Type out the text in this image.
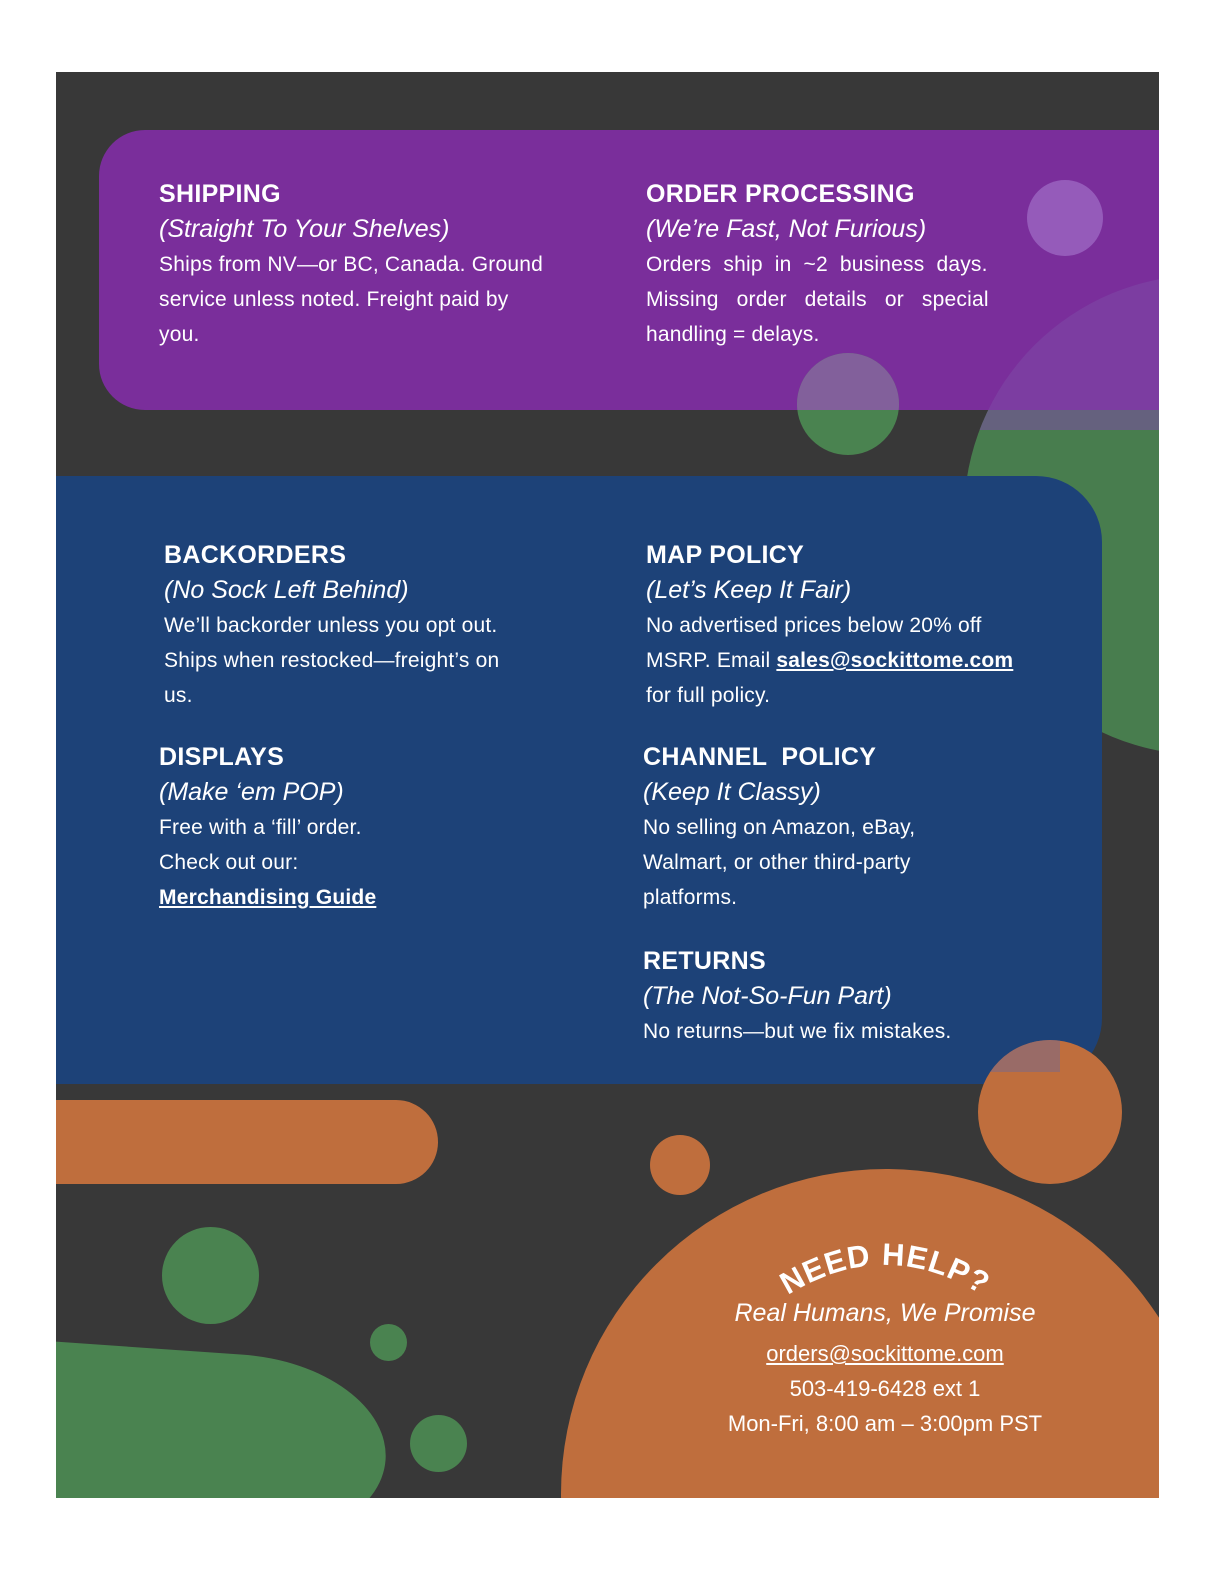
SHIPPING

(Straight To Your Shelves)

Ships from NV—or BC, Canada. Ground

service unless noted. Freight paid by

you.

ORDER PROCESSING

(We’re Fast, Not Furious)

Orders ship in ~2 business days.

Missing order details or special

handling = delays.

BACKORDERS

(No Sock Left Behind)

We’ll backorder unless you opt out.

Ships when restocked—freight’s on

us.

MAP POLICY

(Let’s Keep It Fair)

No advertised prices below 20% off

MSRP. Email sales@sockittome.com

for full policy.

DISPLAYS

(Make ‘em POP)

Free with a ‘fill’ order.

Check out our:

Merchandising Guide

CHANNEL  POLICY

(Keep It Classy)

No selling on Amazon, eBay,

Walmart, or other third-party

platforms.

RETURNS

(The Not-So-Fun Part)

No returns—but we fix mistakes.

NEED HELP?
Real Humans, We Promise
orders@sockittome.com
503-419-6428 ext 1
Mon-Fri, 8:00 am – 3:00pm PST
